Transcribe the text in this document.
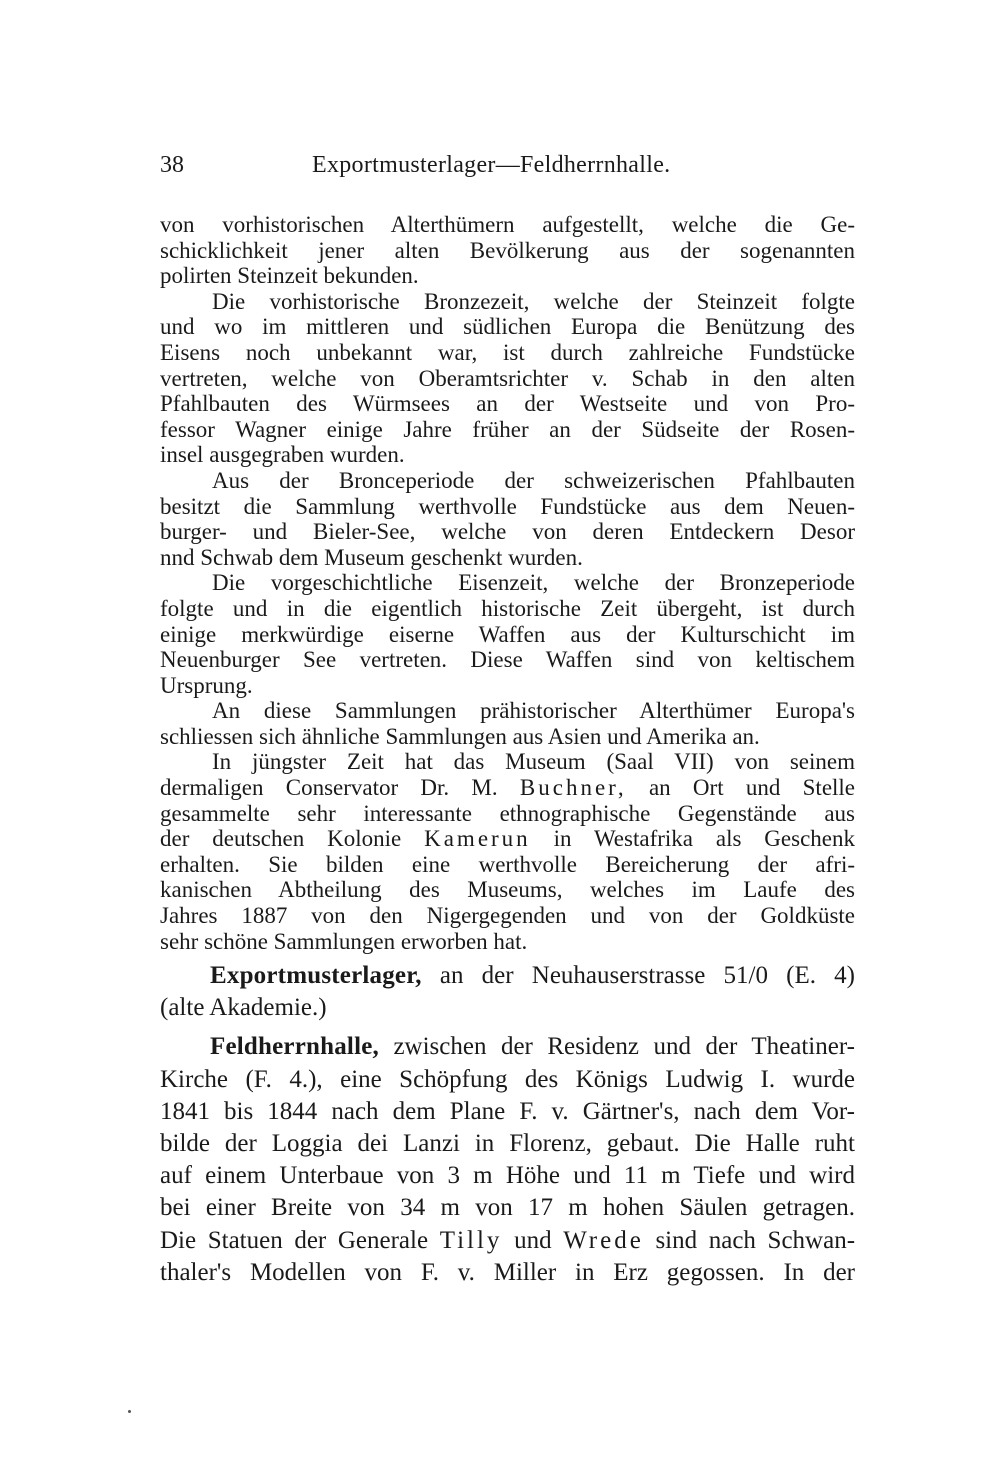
38	Exportmusterlager—Feldherrnhalle.
von vorhistorischen Alterthümern aufgestellt, welche die Ge-
schicklichkeit jener alten Bevölkerung aus der sogenannten
polirten Steinzeit bekunden.
Die vorhistorische Bronzezeit, welche der Steinzeit folgte
und wo im mittleren und südlichen Europa die Benützung des
Eisens noch unbekannt war, ist durch zahlreiche Fundstücke
vertreten, welche von Oberamtsrichter v. Schab in den alten
Pfahlbauten des Würmsees an der Westseite und von Pro-
fessor Wagner einige Jahre früher an der Südseite der Rosen-
insel ausgegraben wurden.
Aus der Bronceperiode der schweizerischen Pfahlbauten
besitzt die Sammlung werthvolle Fundstücke aus dem Neuen-
burger- und Bieler-See, welche von deren Entdeckern Desor
nnd Schwab dem Museum geschenkt wurden.
Die vorgeschichtliche Eisenzeit, welche der Bronzeperiode
folgte und in die eigentlich historische Zeit übergeht, ist durch
einige merkwürdige eiserne Waffen aus der Kulturschicht im
Neuenburger See vertreten. Diese Waffen sind von keltischem
Ursprung.
An diese Sammlungen prähistorischer Alterthümer Europa's
schliessen sich ähnliche Sammlungen aus Asien und Amerika an.
In jüngster Zeit hat das Museum (Saal VII) von seinem
dermaligen Conservator Dr. M. Buchner, an Ort und Stelle
gesammelte sehr interessante ethnographische Gegenstände aus
der deutschen Kolonie Kamerun in Westafrika als Geschenk
erhalten. Sie bilden eine werthvolle Bereicherung der afri-
kanischen Abtheilung des Museums, welches im Laufe des
Jahres 1887 von den Nigergegenden und von der Goldküste
sehr schöne Sammlungen erworben hat.
Exportmusterlager, an der Neuhauserstrasse 51/0 (E. 4)
(alte Akademie.)
Feldherrnhalle, zwischen der Residenz und der Theatiner-
Kirche (F. 4.), eine Schöpfung des Königs Ludwig I. wurde
1841 bis 1844 nach dem Plane F. v. Gärtner's, nach dem Vor-
bilde der Loggia dei Lanzi in Florenz, gebaut. Die Halle ruht
auf einem Unterbaue von 3 m Höhe und 11 m Tiefe und wird
bei einer Breite von 34 m von 17 m hohen Säulen getragen.
Die Statuen der Generale Tilly und Wrede sind nach Schwan-
thaler's Modellen von F. v. Miller in Erz gegossen. In der
